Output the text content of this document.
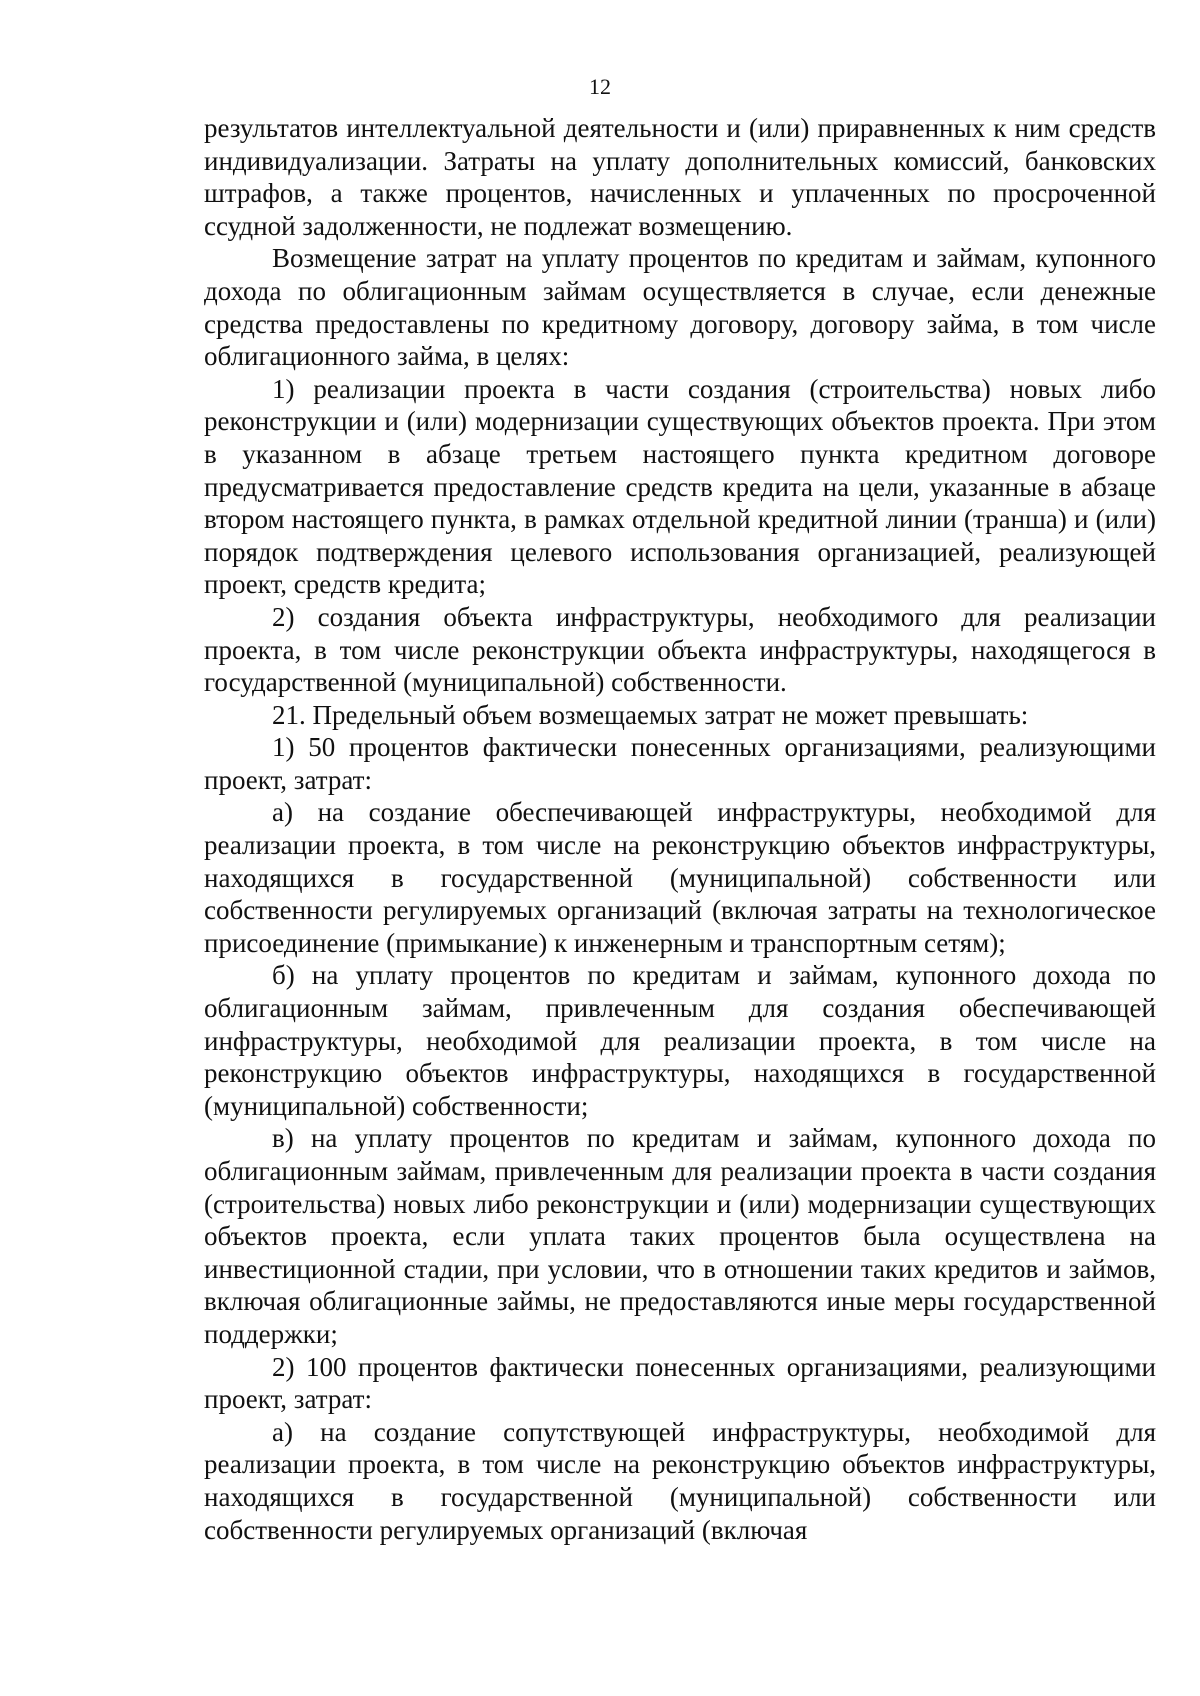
12

результатов интеллектуальной деятельности и (или) приравненных к ним средств индивидуализации. Затраты на уплату дополнительных комиссий, банковских штрафов, а также процентов, начисленных и уплаченных по просроченной ссудной задолженности, не подлежат возмещению.

Возмещение затрат на уплату процентов по кредитам и займам, купонного дохода по облигационным займам осуществляется в случае, если денежные средства предоставлены по кредитному договору, договору займа, в том числе облигационного займа, в целях:

1) реализации проекта в части создания (строительства) новых либо реконструкции и (или) модернизации существующих объектов проекта. При этом в указанном в абзаце третьем настоящего пункта кредитном договоре предусматривается предоставление средств кредита на цели, указанные в абзаце втором настоящего пункта, в рамках отдельной кредитной линии (транша) и (или) порядок подтверждения целевого использования организацией, реализующей проект, средств кредита;

2) создания объекта инфраструктуры, необходимого для реализации проекта, в том числе реконструкции объекта инфраструктуры, находящегося в государственной (муниципальной) собственности.

21. Предельный объем возмещаемых затрат не может превышать:

1) 50 процентов фактически понесенных организациями, реализующими проект, затрат:

а) на создание обеспечивающей инфраструктуры, необходимой для реализации проекта, в том числе на реконструкцию объектов инфраструктуры, находящихся в государственной (муниципальной) собственности или собственности регулируемых организаций (включая затраты на технологическое присоединение (примыкание) к инженерным и транспортным сетям);

б) на уплату процентов по кредитам и займам, купонного дохода по облигационным займам, привлеченным для создания обеспечивающей инфраструктуры, необходимой для реализации проекта, в том числе на реконструкцию объектов инфраструктуры, находящихся в государственной (муниципальной) собственности;

в) на уплату процентов по кредитам и займам, купонного дохода по облигационным займам, привлеченным для реализации проекта в части создания (строительства) новых либо реконструкции и (или) модернизации существующих объектов проекта, если уплата таких процентов была осуществлена на инвестиционной стадии, при условии, что в отношении таких кредитов и займов, включая облигационные займы, не предоставляются иные меры государственной поддержки;

2) 100 процентов фактически понесенных организациями, реализующими проект, затрат:

а) на создание сопутствующей инфраструктуры, необходимой для реализации проекта, в том числе на реконструкцию объектов инфраструктуры, находящихся в государственной (муниципальной) собственности или собственности регулируемых организаций (включая
